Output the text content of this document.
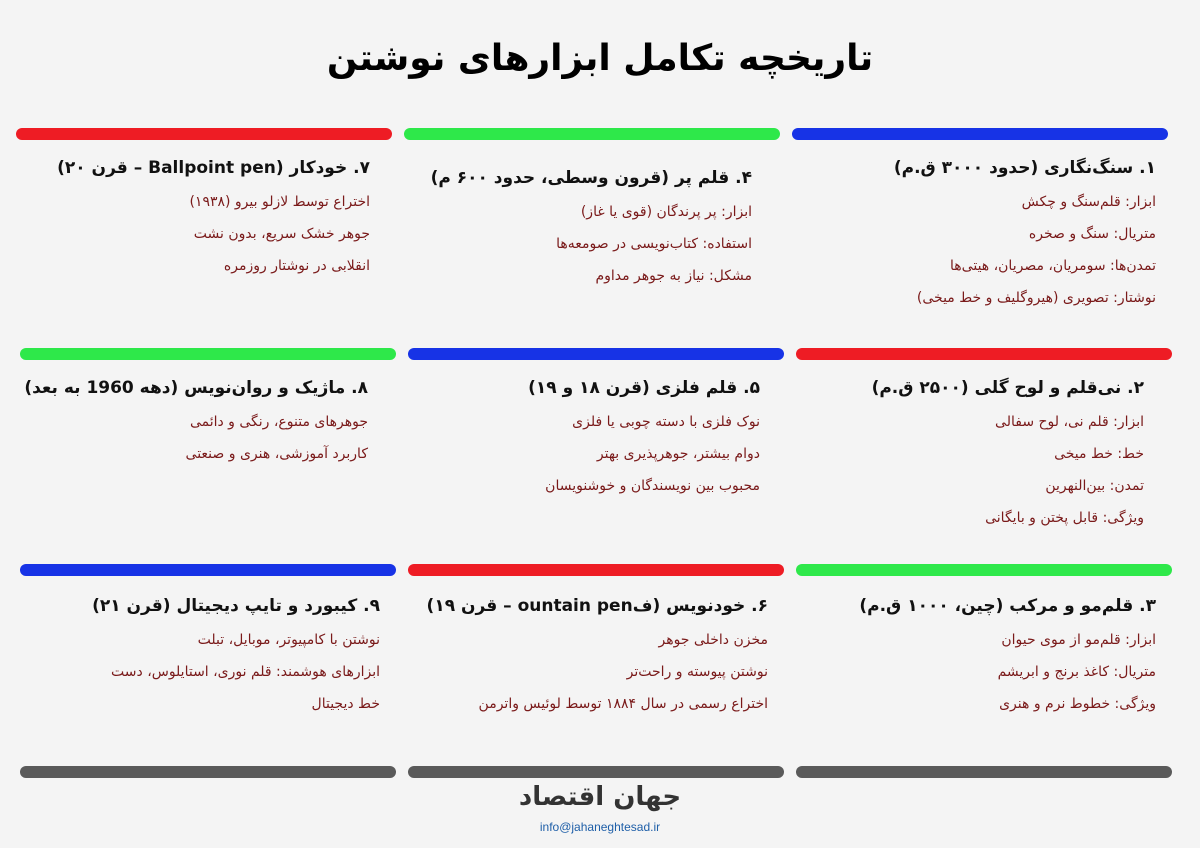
تاریخچه تکامل ابزارهای نوشتن
۱. سنگ‌نگاری (حدود ۳۰۰۰ ق.م)
ابزار: قلم‌سنگ و چکش
متریال: سنگ و صخره
تمدن‌ها: سومریان، مصریان، هیتی‌ها
نوشتار: تصویری (هیروگلیف و خط میخی)
۴. قلم پر (قرون وسطی، حدود ۶۰۰ م)
ابزار: پر پرندگان (قوی یا غاز)
استفاده: کتاب‌نویسی در صومعه‌ها
مشکل: نیاز به جوهر مداوم
۷. خودکار (Ballpoint pen – قرن ۲۰)
اختراع توسط لازلو بیرو (۱۹۳۸)
جوهر خشک سریع، بدون نشت
انقلابی در نوشتار روزمره
۲. نی‌قلم و لوح گلی (۲۵۰۰ ق.م)
ابزار: قلم نی، لوح سفالی
خط: خط میخی
تمدن: بین‌النهرین
ویژگی: قابل پختن و بایگانی
۵. قلم فلزی (قرن ۱۸ و ۱۹)
نوک فلزی با دسته چوبی یا فلزی
دوام بیشتر، جوهرپذیری بهتر
محبوب بین نویسندگان و خوشنویسان
۸. ماژیک و روان‌نویس (دهه 1960 به بعد)
جوهرهای متنوع، رنگی و دائمی
کاربرد آموزشی، هنری و صنعتی
۳. قلم‌مو و مرکب (چین، ۱۰۰۰ ق.م)
ابزار: قلم‌مو از موی حیوان
متریال: کاغذ برنج و ابریشم
ویژگی: خطوط نرم و هنری
۶. خودنویس (فountain pen – قرن ۱۹)
مخزن داخلی جوهر
نوشتن پیوسته و راحت‌تر
اختراع رسمی در سال ۱۸۸۴ توسط لوئیس واترمن
۹. کیبورد و تایپ دیجیتال (قرن ۲۱)
نوشتن با کامپیوتر، موبایل، تبلت
ابزارهای هوشمند: قلم نوری، استایلوس، دست
خط دیجیتال
جهان اقتصاد
info@jahaneghtesad.ir
